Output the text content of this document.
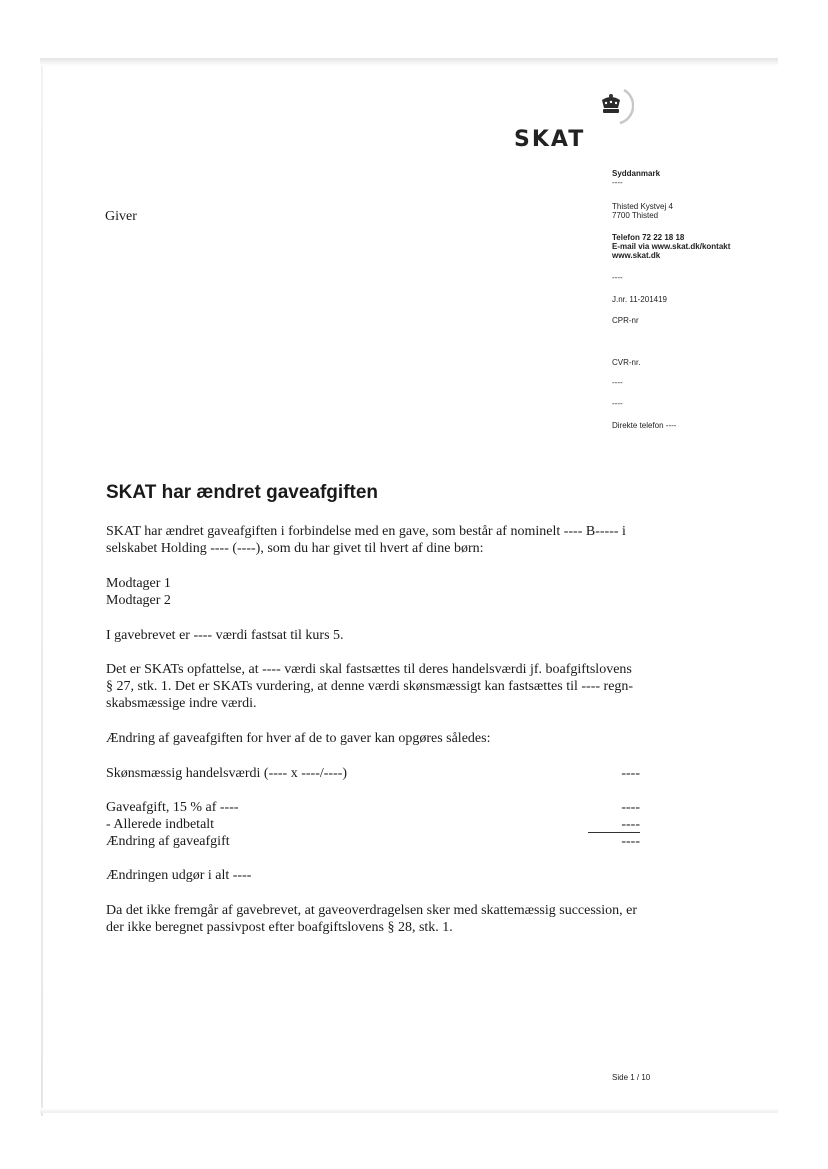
SKAT
Syddanmark
----
Thisted Kystvej 4
7700 Thisted
Telefon 72 22 18 18
E-mail via www.skat.dk/kontakt
www.skat.dk
----
J.nr. 11-201419
CPR-nr
CVR-nr.
----
----
Direkte telefon ----
Giver
SKAT har ændret gaveafgiften
SKAT har ændret gaveafgiften i forbindelse med en gave, som består af nominelt ---- B----- i
selskabet Holding ---- (----), som du har givet til hvert af dine børn:
Modtager 1
Modtager 2
I gavebrevet er ---- værdi fastsat til kurs 5.
Det er SKATs opfattelse, at ---- værdi skal fastsættes til deres handelsværdi jf. boafgiftslovens
§ 27, stk. 1. Det er SKATs vurdering, at denne værdi skønsmæssigt kan fastsættes til ---- regn-
skabsmæssige indre værdi.
Ændring af gaveafgiften for hver af de to gaver kan opgøres således:
Skønsmæssig handelsværdi (---- x ----/----)	----
Gaveafgift, 15 % af ----	----
- Allerede indbetalt	----
Ændring af gaveafgift	----
Ændringen udgør i alt ----
Da det ikke fremgår af gavebrevet, at gaveoverdragelsen sker med skattemæssig succession, er
der ikke beregnet passivpost efter boafgiftslovens § 28, stk. 1.
Side 1 / 10
